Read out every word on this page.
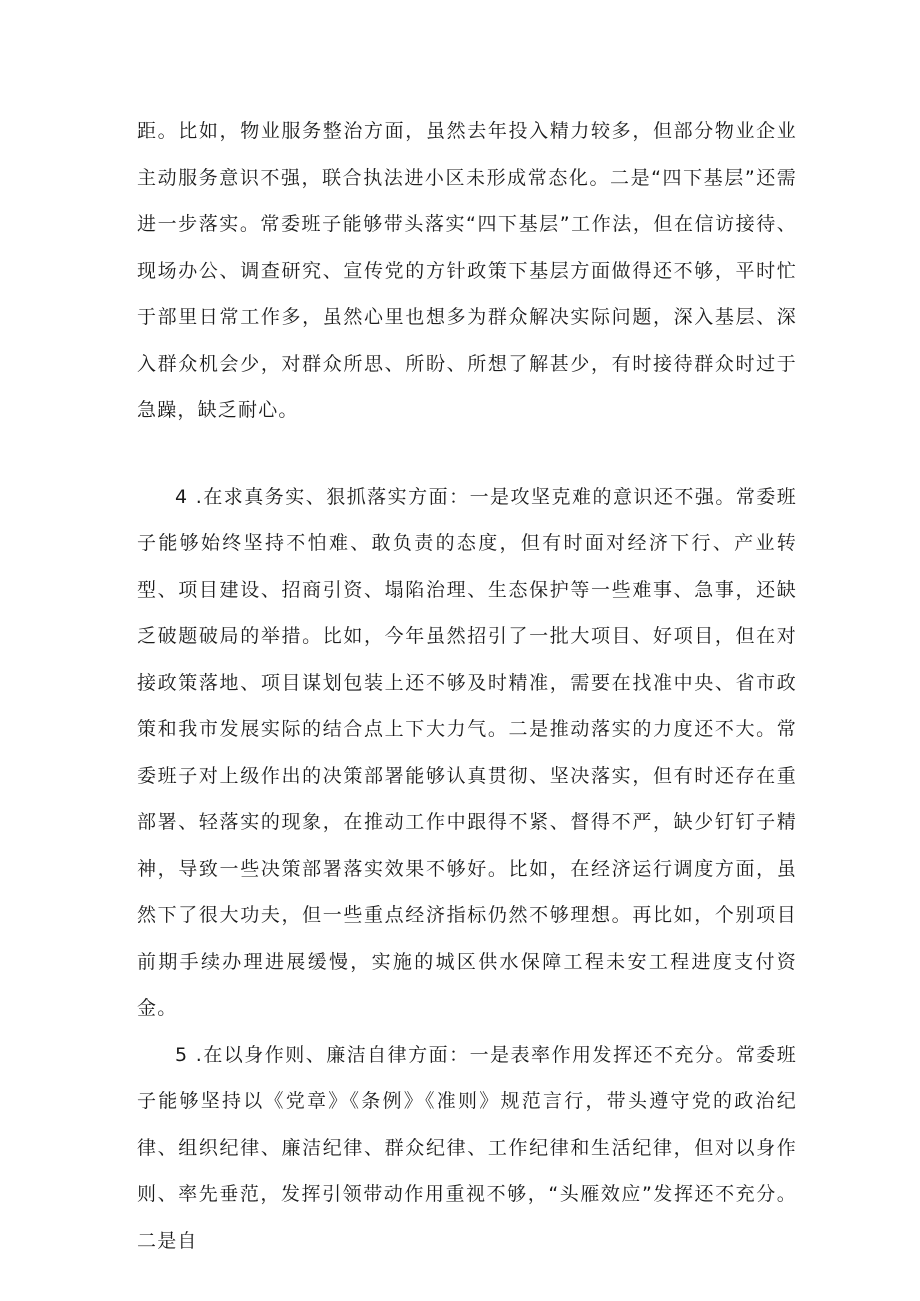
距。比如，物业服务整治方面，虽然去年投入精力较多，但部分物业企业主动服务意识不强，联合执法进小区未形成常态化。二是“四下基层”还需进一步落实。常委班子能够带头落实“四下基层”工作法，但在信访接待、现场办公、调查研究、宣传党的方针政策下基层方面做得还不够，平时忙于部里日常工作多，虽然心里也想多为群众解决实际问题，深入基层、深入群众机会少，对群众所思、所盼、所想了解甚少，有时接待群众时过于急躁，缺乏耐心。

4 .在求真务实、狠抓落实方面：一是攻坚克难的意识还不强。常委班子能够始终坚持不怕难、敢负责的态度，但有时面对经济下行、产业转型、项目建设、招商引资、塌陷治理、生态保护等一些难事、急事，还缺乏破题破局的举措。比如，今年虽然招引了一批大项目、好项目，但在对接政策落地、项目谋划包装上还不够及时精准，需要在找准中央、省市政策和我市发展实际的结合点上下大力气。二是推动落实的力度还不大。常委班子对上级作出的决策部署能够认真贯彻、坚决落实，但有时还存在重部署、轻落实的现象，在推动工作中跟得不紧、督得不严，缺少钉钉子精神，导致一些决策部署落实效果不够好。比如，在经济运行调度方面，虽然下了很大功夫，但一些重点经济指标仍然不够理想。再比如，个别项目前期手续办理进展缓慢，实施的城区供水保障工程未安工程进度支付资金。

5 .在以身作则、廉洁自律方面：一是表率作用发挥还不充分。常委班子能够坚持以《党章》《条例》《准则》规范言行，带头遵守党的政治纪律、组织纪律、廉洁纪律、群众纪律、工作纪律和生活纪律，但对以身作则、率先垂范，发挥引领带动作用重视不够，“头雁效应”发挥还不充分。二是自
